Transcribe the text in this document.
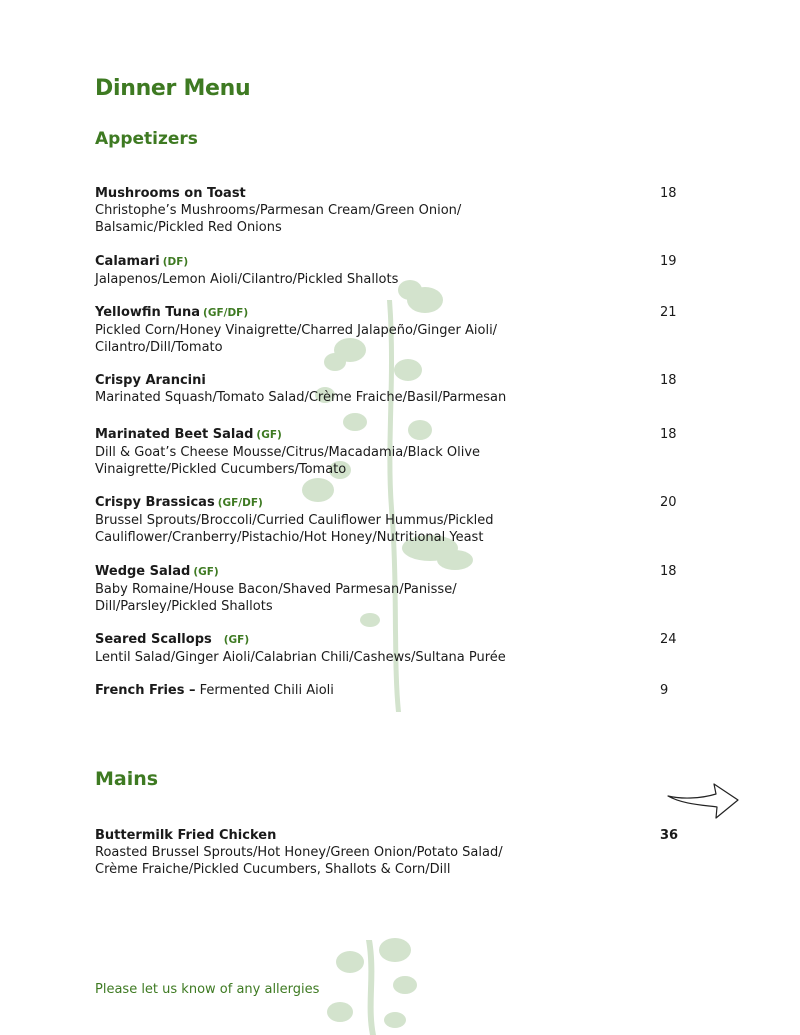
Dinner Menu
Appetizers
Mushrooms on Toast
Christophe’s Mushrooms/Parmesan Cream/Green Onion/ Balsamic/Pickled Red Onions
18
Calamari (DF)
Jalapenos/Lemon Aioli/Cilantro/Pickled Shallots
19
Yellowfin Tuna (GF/DF)
Pickled Corn/Honey Vinaigrette/Charred Jalapeño/Ginger Aioli/ Cilantro/Dill/Tomato
21
Crispy Arancini
Marinated Squash/Tomato Salad/Crème Fraiche/Basil/Parmesan
18
Marinated Beet Salad (GF)
Dill & Goat’s Cheese Mousse/Citrus/Macadamia/Black Olive Vinaigrette/Pickled Cucumbers/Tomato
18
Crispy Brassicas (GF/DF)
Brussel Sprouts/Broccoli/Curried Cauliflower Hummus/Pickled Cauliflower/Cranberry/Pistachio/Hot Honey/Nutritional Yeast
20
Wedge Salad (GF)
Baby Romaine/House Bacon/Shaved Parmesan/Panisse/ Dill/Parsley/Pickled Shallots
18
Seared Scallops (GF)
Lentil Salad/Ginger Aioli/Calabrian Chili/Cashews/Sultana Purée
24
French Fries – Fermented Chili Aioli	9
Mains
Buttermilk Fried Chicken
Roasted Brussel Sprouts/Hot Honey/Green Onion/Potato Salad/ Crème Fraiche/Pickled Cucumbers, Shallots & Corn/Dill
36

Please let us know of any allergies
